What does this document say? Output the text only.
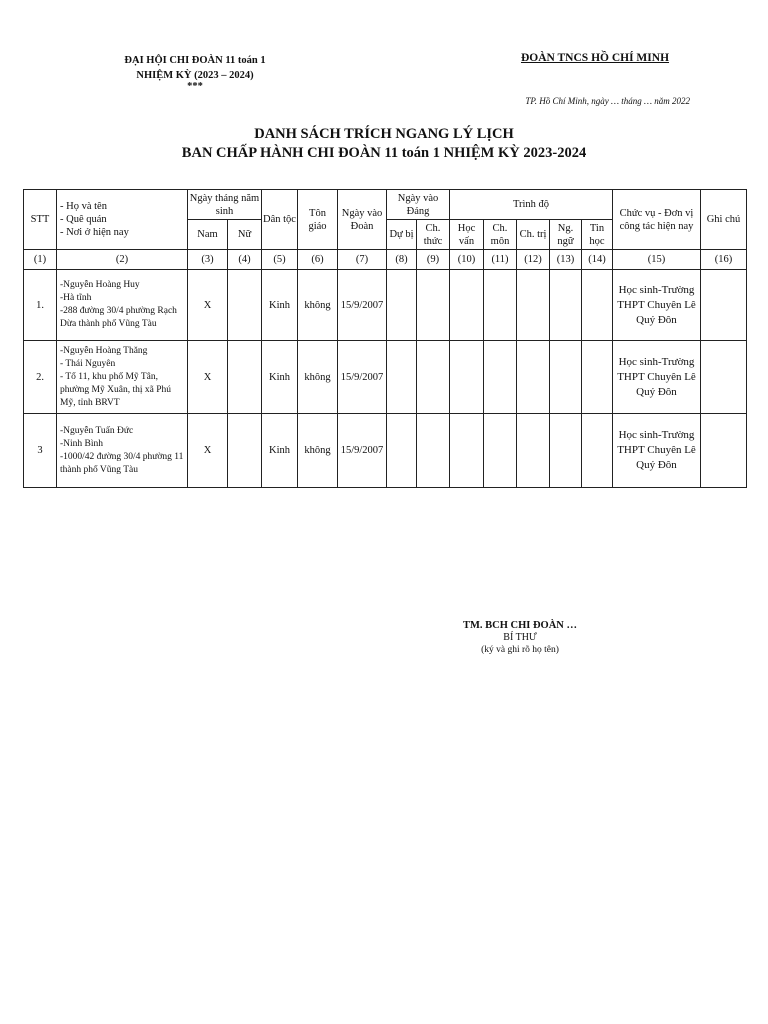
ĐẠI HỘI CHI ĐOÀN 11 toán 1
NHIỆM KỲ (2023 – 2024)
***
ĐOÀN TNCS HỒ CHÍ MINH
TP. Hồ Chí Minh, ngày … tháng … năm 2022
DANH SÁCH TRÍCH NGANG LÝ LỊCH
BAN CHẤP HÀNH CHI ĐOÀN 11 toán 1 NHIỆM KỲ 2023-2024
STT	- Họ và tên
- Quê quán
- Nơi ở hiện nay	Ngày tháng năm sinh		Dân tộc	Tôn giáo	Ngày vào Đoàn	Ngày vào Đảng		Trình độ					Chức vụ - Đơn vị công tác hiện nay	Ghi chú
		Nam	Nữ				Dự bị	Ch. thức	Học vấn	Ch. môn	Ch. trị	Ng. ngữ	Tin học		
(1)	(2)	(3)	(4)	(5)	(6)	(7)	(8)	(9)	(10)	(11)	(12)	(13)	(14)	(15)	(16)
1.	-Nguyễn Hoàng Huy
-Hà tĩnh
-288 đường 30/4 phường Rạch Dừa thành phố Vũng Tàu	X		Kinh	không	15/9/2007								Học sinh-Trường THPT Chuyên Lê Quý Đôn	
2.	-Nguyễn Hoàng Thăng
- Thái Nguyên
- Tổ 11, khu phố Mỹ Tân, phường Mỹ Xuân, thị xã Phú Mỹ, tỉnh BRVT	X		Kinh	không	15/9/2007								Học sinh-Trường THPT Chuyên Lê Quý Đôn	
3	-Nguyễn Tuấn Đức
-Ninh Bình
-1000/42 đường 30/4 phường 11 thành phố Vũng Tàu	X		Kinh	không	15/9/2007								Học sinh-Trường THPT Chuyên Lê Quý Đôn	
TM. BCH CHI ĐOÀN …
BÍ THƯ
(ký và ghi rõ họ tên)
